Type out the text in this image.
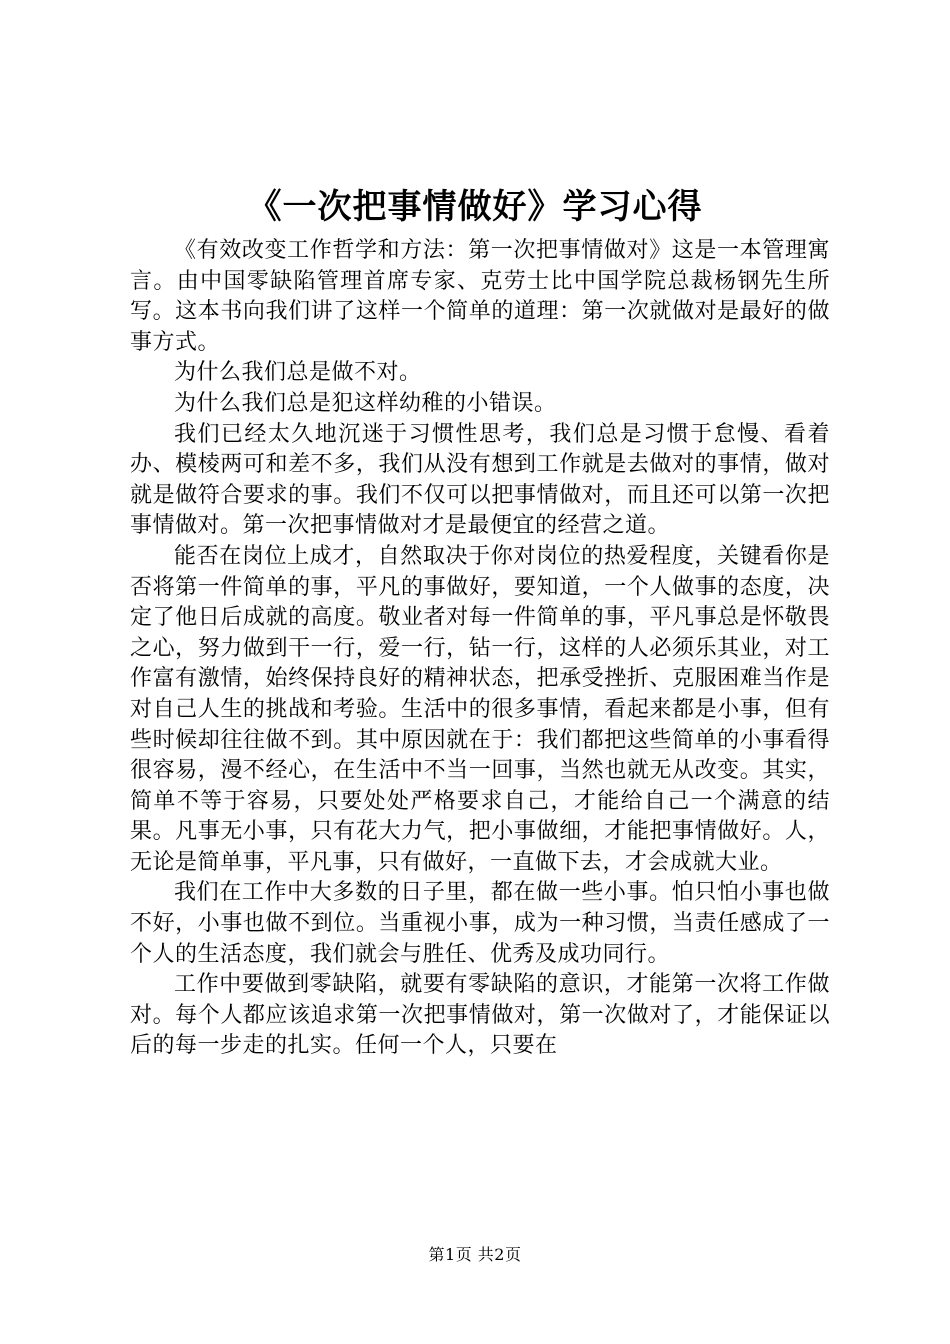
《一次把事情做好》学习心得

《有效改变工作哲学和方法：第一次把事情做对》这是一本管理寓言。由中国零缺陷管理首席专家、克劳士比中国学院总裁杨钢先生所写。这本书向我们讲了这样一个简单的道理：第一次就做对是最好的做事方式。

为什么我们总是做不对。

为什么我们总是犯这样幼稚的小错误。

我们已经太久地沉迷于习惯性思考，我们总是习惯于怠慢、看着办、模棱两可和差不多，我们从没有想到工作就是去做对的事情，做对就是做符合要求的事。我们不仅可以把事情做对，而且还可以第一次把事情做对。第一次把事情做对才是最便宜的经营之道。

能否在岗位上成才，自然取决于你对岗位的热爱程度，关键看你是否将第一件简单的事，平凡的事做好，要知道，一个人做事的态度，决定了他日后成就的高度。敬业者对每一件简单的事，平凡事总是怀敬畏之心，努力做到干一行，爱一行，钻一行，这样的人必须乐其业，对工作富有激情，始终保持良好的精神状态，把承受挫折、克服困难当作是对自己人生的挑战和考验。生活中的很多事情，看起来都是小事，但有些时候却往往做不到。其中原因就在于：我们都把这些简单的小事看得很容易，漫不经心，在生活中不当一回事，当然也就无从改变。其实，简单不等于容易，只要处处严格要求自己，才能给自己一个满意的结果。凡事无小事，只有花大力气，把小事做细，才能把事情做好。人，无论是简单事，平凡事，只有做好，一直做下去，才会成就大业。

我们在工作中大多数的日子里，都在做一些小事。怕只怕小事也做不好，小事也做不到位。当重视小事，成为一种习惯，当责任感成了一个人的生活态度，我们就会与胜任、优秀及成功同行。

工作中要做到零缺陷，就要有零缺陷的意识，才能第一次将工作做对。每个人都应该追求第一次把事情做对，第一次做对了，才能保证以后的每一步走的扎实。任何一个人，只要在

第1页 共2页
